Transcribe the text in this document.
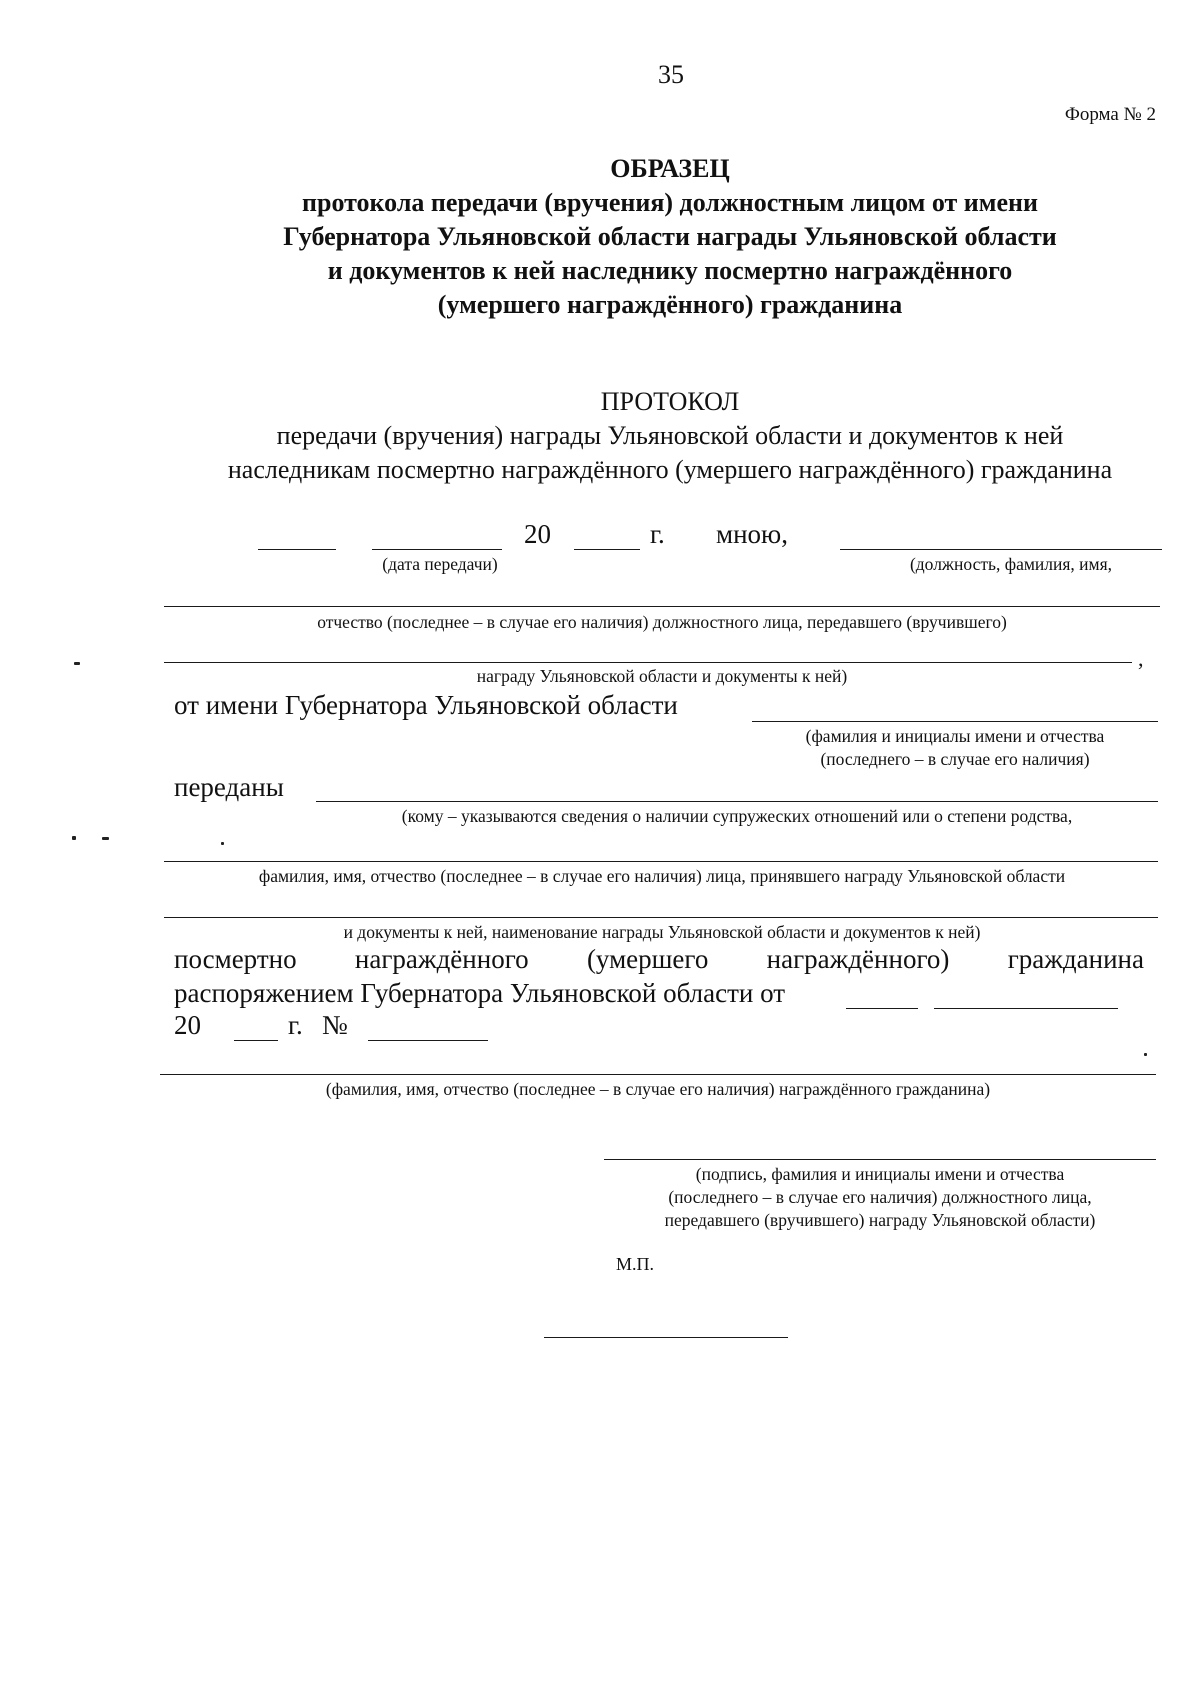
35
Форма № 2
ОБРАЗЕЦ
протокола передачи (вручения) должностным лицом от имени
Губернатора Ульяновской области награды Ульяновской области
и документов к ней наследнику посмертно награждённого
(умершего награждённого) гражданина
ПРОТОКОЛ
передачи (вручения) награды Ульяновской области и документов к ней
наследникам посмертно награждённого (умершего награждённого) гражданина
20	г. мною,
(дата передачи)	(должность, фамилия, имя,
отчество (последнее – в случае его наличия) должностного лица, передавшего (вручившего)
,
награду Ульяновской области и документы к ней)
от имени Губернатора Ульяновской области
(фамилия и инициалы имени и отчества
(последнего – в случае его наличия)
переданы
(кому – указываются сведения о наличии супружеских отношений или о степени родства,
фамилия, имя, отчество (последнее – в случае его наличия) лица, принявшего награду Ульяновской области
и документы к ней, наименование награды Ульяновской области и документов к ней)
посмертно награждённого (умершего награждённого) гражданина
распоряжением Губернатора Ульяновской области от
20	г. №
(фамилия, имя, отчество (последнее – в случае его наличия) награждённого гражданина)
(подпись, фамилия и инициалы имени и отчества
(последнего – в случае его наличия) должностного лица,
передавшего (вручившего) награду Ульяновской области)
М.П.
